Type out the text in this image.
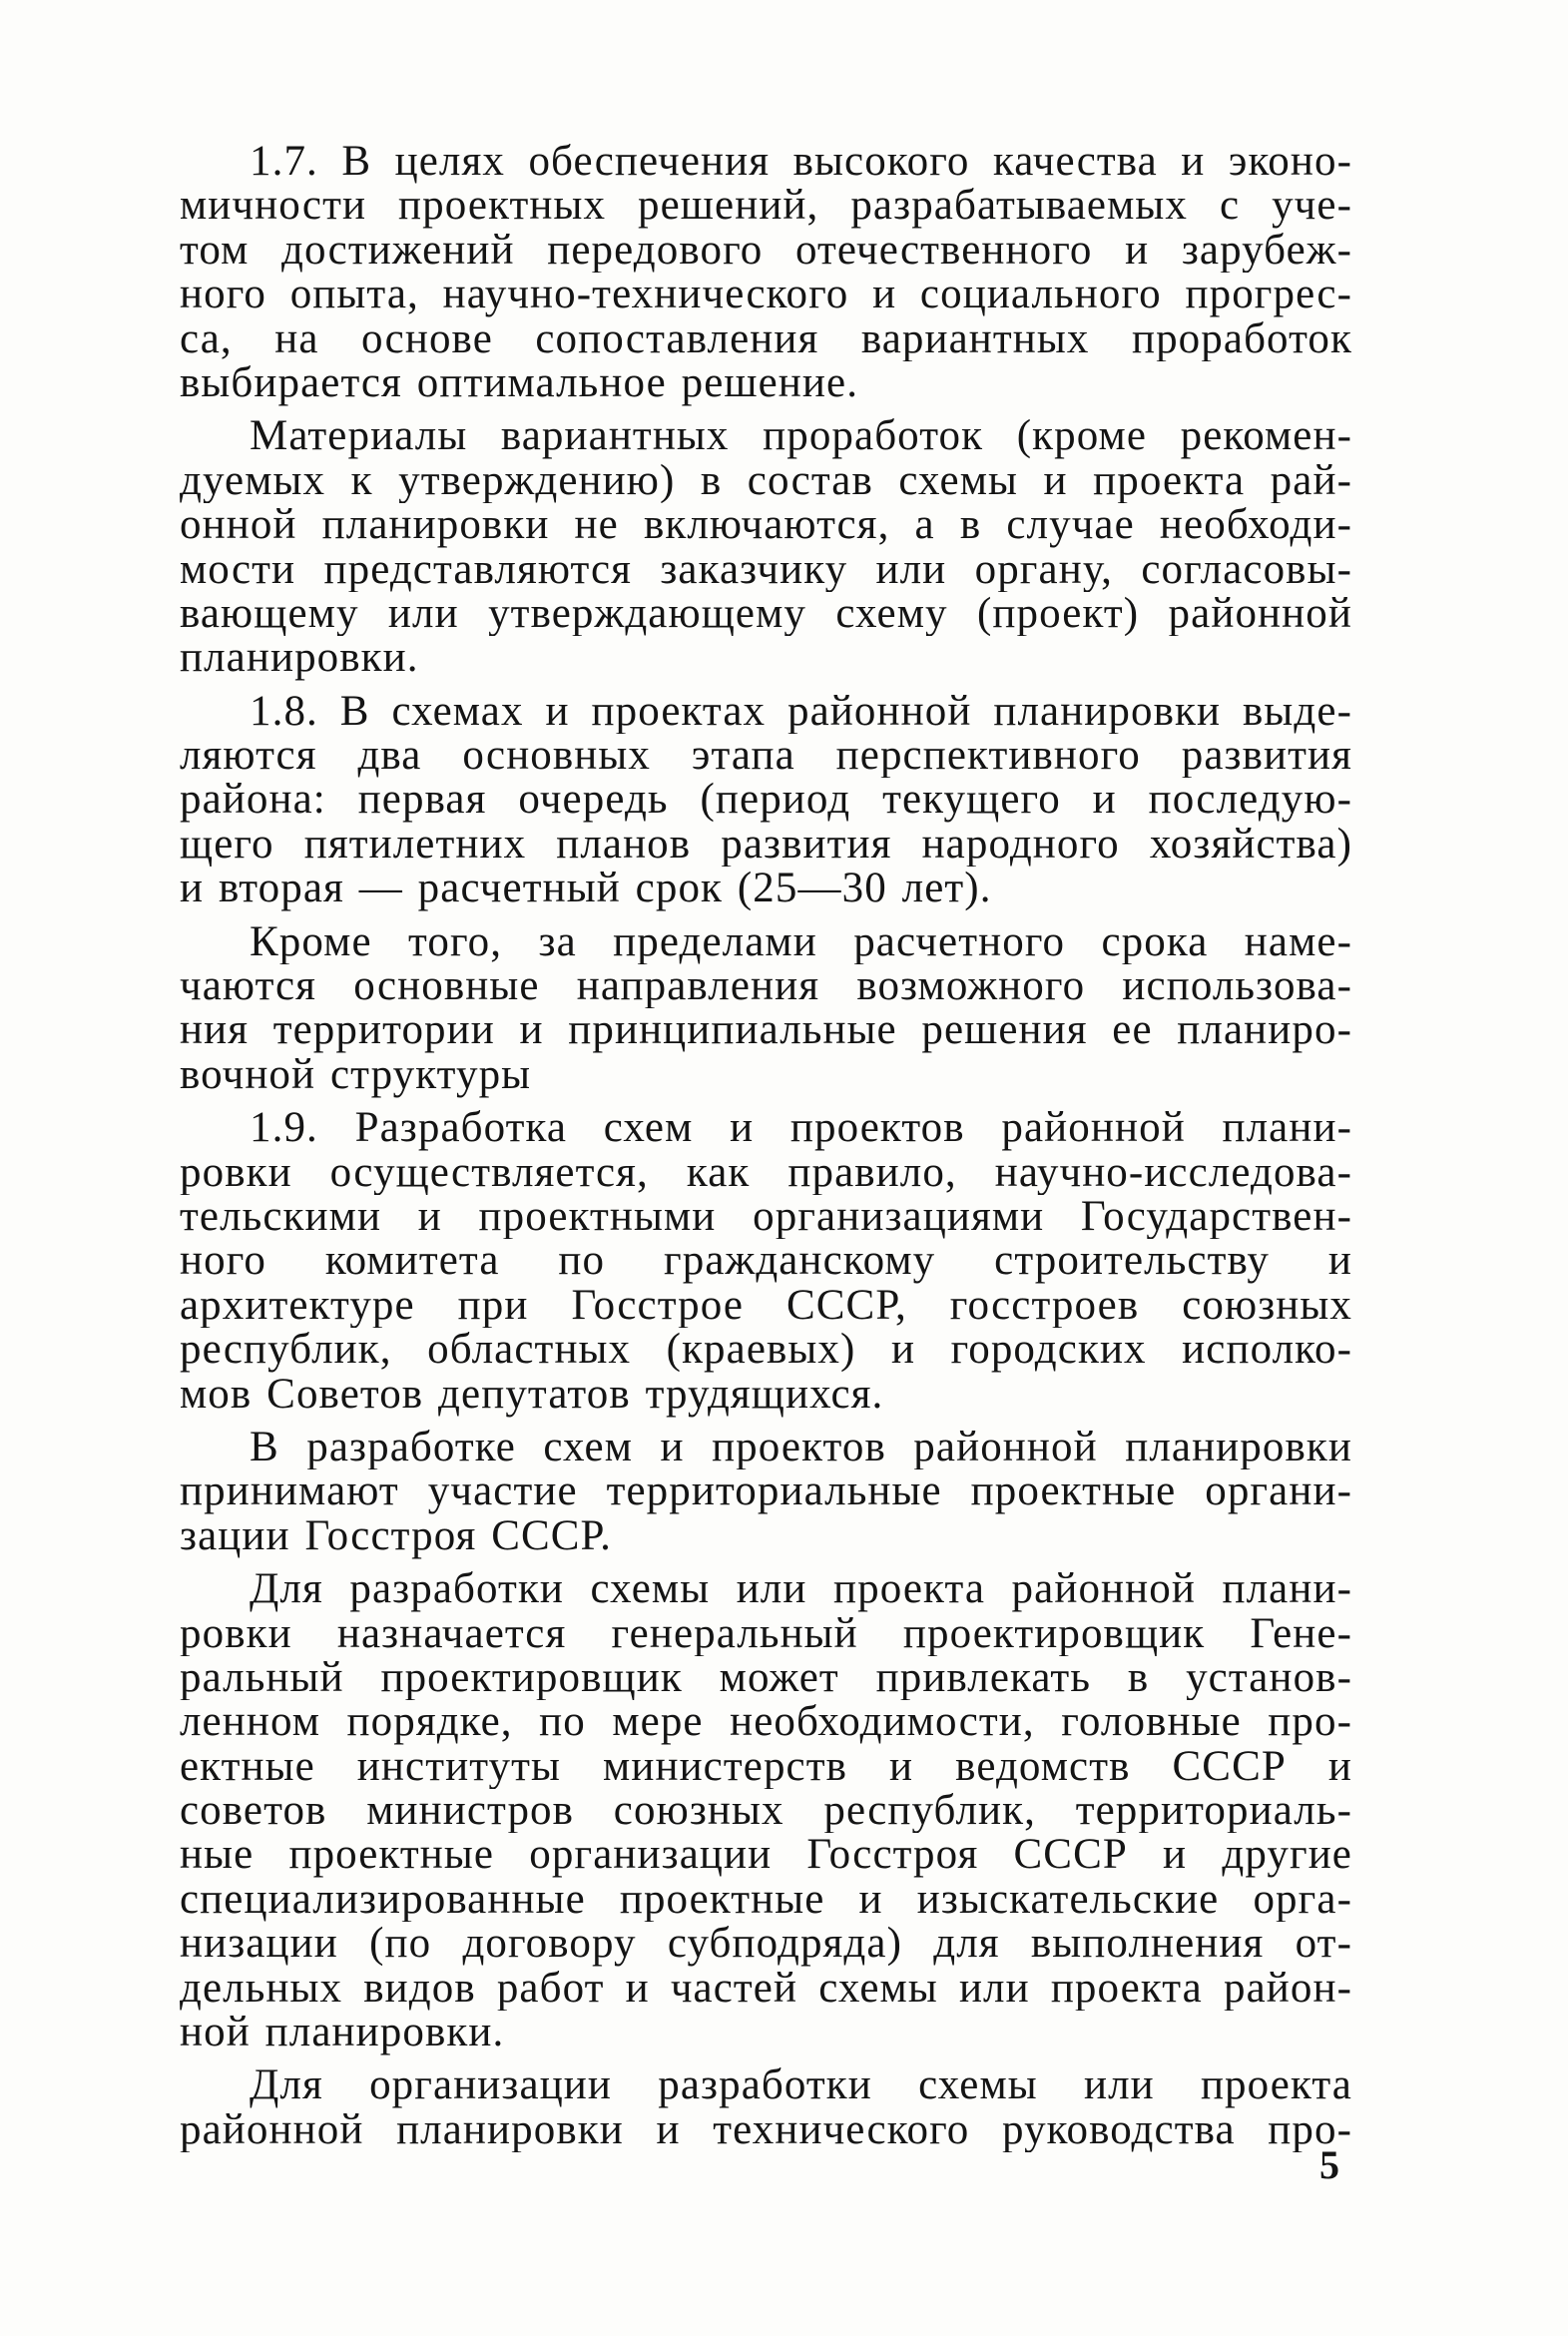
1.7. В целях обеспечения высокого качества и эконо-
мичности проектных решений, разрабатываемых с уче-
том достижений передового отечественного и зарубеж-
ного опыта, научно-технического и социального прогрес-
са, на основе сопоставления вариантных проработок
выбирается оптимальное решение.
Материалы вариантных проработок (кроме рекомен-
дуемых к утверждению) в состав схемы и проекта рай-
онной планировки не включаются, а в случае необходи-
мости представляются заказчику или органу, согласовы-
вающему или утверждающему схему (проект) районной
планировки.
1.8. В схемах и проектах районной планировки выде-
ляются два основных этапа перспективного развития
района: первая очередь (период текущего и последую-
щего пятилетних планов развития народного хозяйства)
и вторая — расчетный срок (25—30 лет).
Кроме того, за пределами расчетного срока наме-
чаются основные направления возможного использова-
ния территории и принципиальные решения ее планиро-
вочной структуры
1.9. Разработка схем и проектов районной плани-
ровки осуществляется, как правило, научно-исследова-
тельскими и проектными организациями Государствен-
ного комитета по гражданскому строительству и
архитектуре при Госстрое СССР, госстроев союзных
республик, областных (краевых) и городских исполко-
мов Советов депутатов трудящихся.
В разработке схем и проектов районной планировки
принимают участие территориальные проектные органи-
зации Госстроя СССР.
Для разработки схемы или проекта районной плани-
ровки назначается генеральный проектировщик Гене-
ральный проектировщик может привлекать в установ-
ленном порядке, по мере необходимости, головные про-
ектные институты министерств и ведомств СССР и
советов министров союзных республик, территориаль-
ные проектные организации Госстроя СССР и другие
специализированные проектные и изыскательские орга-
низации (по договору субподряда) для выполнения от-
дельных видов работ и частей схемы или проекта район-
ной планировки.
Для организации разработки схемы или проекта
районной планировки и технического руководства про-
5
